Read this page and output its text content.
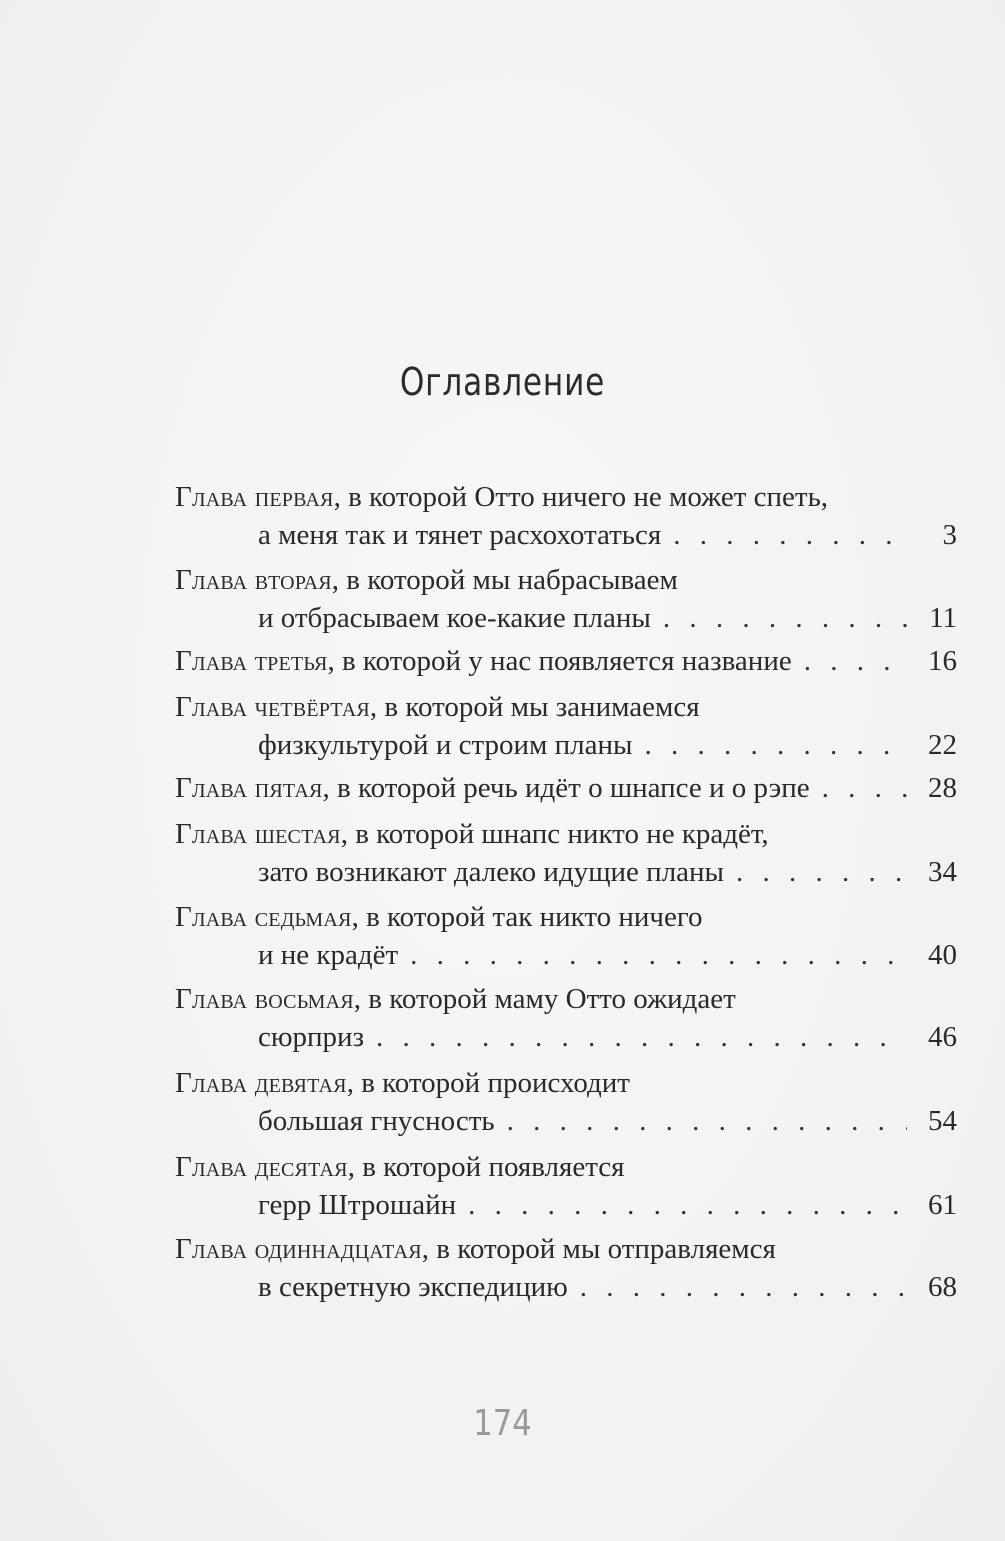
Оглавление
Глава первая, в которой Отто ничего не может спеть,
а меня так и тянет расхохотаться . . .	3
Глава вторая, в которой мы набрасываем
и отбрасываем кое-какие планы . . .	11
Глава третья , в которой у нас появляется название . . .	16
Глава четвёртая, в которой мы занимаемся
физкультурой и строим планы . . .	22
Глава пятая , в которой речь идёт о шнапсе и о рэпе . . .	28
Глава шестая, в которой шнапс никто не крадёт,
зато возникают далеко идущие планы . . .	34
Глава седьмая, в которой так никто ничего
и не крадёт . . .	40
Глава восьмая, в которой маму Отто ожидает
сюрприз . . .	46
Глава девятая, в которой происходит
большая гнусность . . .	54
Глава десятая, в которой появляется
герр Штрошайн . . .	61
Глава одиннадцатая, в которой мы отправляемся
в секретную экспедицию . . .	68
174
